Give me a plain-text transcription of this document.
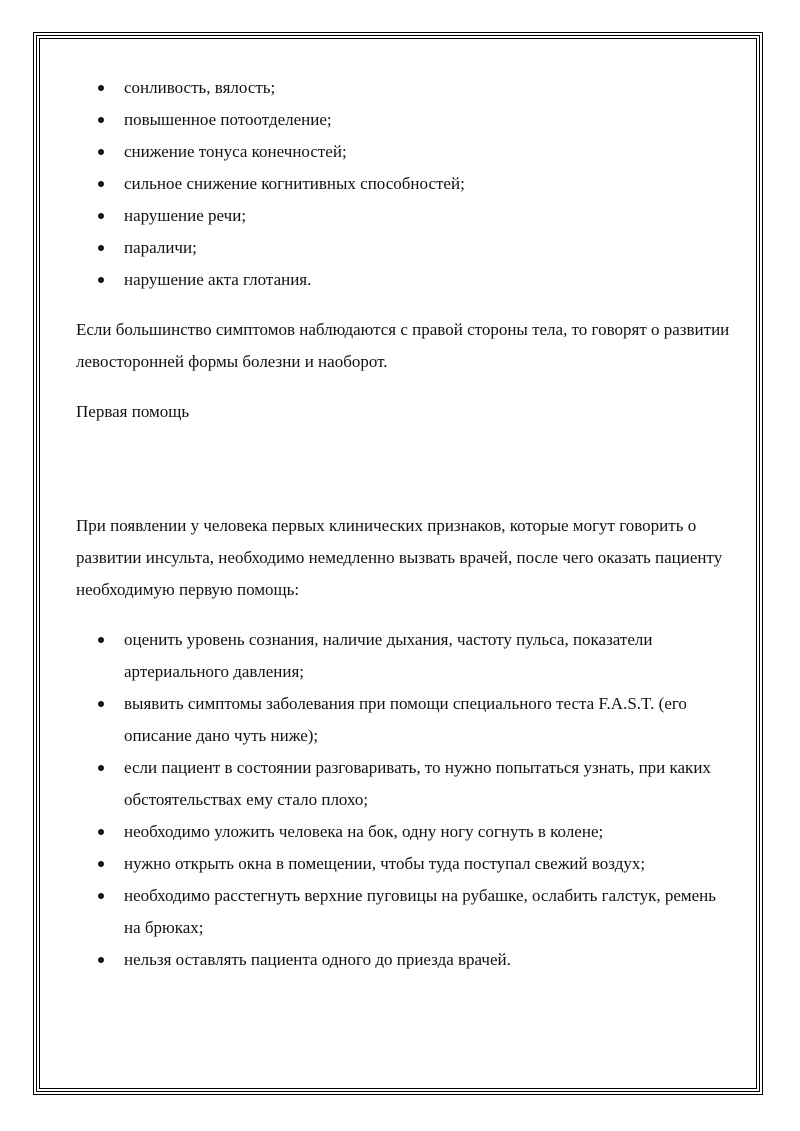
сонливость, вялость;
повышенное потоотделение;
снижение тонуса конечностей;
сильное снижение когнитивных способностей;
нарушение речи;
параличи;
нарушение акта глотания.

Если большинство симптомов наблюдаются с правой стороны тела, то говорят о развитии левосторонней формы болезни и наоборот.

Первая помощь

При появлении у человека первых клинических признаков, которые могут говорить о развитии инсульта, необходимо немедленно вызвать врачей, после чего оказать пациенту необходимую первую помощь:

оценить уровень сознания, наличие дыхания, частоту пульса, показатели артериального давления;
выявить симптомы заболевания при помощи специального теста F.A.S.T. (его описание дано чуть ниже);
если пациент в состоянии разговаривать, то нужно попытаться узнать, при каких обстоятельствах ему стало плохо;
необходимо уложить человека на бок, одну ногу согнуть в колене;
нужно открыть окна в помещении, чтобы туда поступал свежий воздух;
необходимо расстегнуть верхние пуговицы на рубашке, ослабить галстук, ремень на брюках;
нельзя оставлять пациента одного до приезда врачей.
